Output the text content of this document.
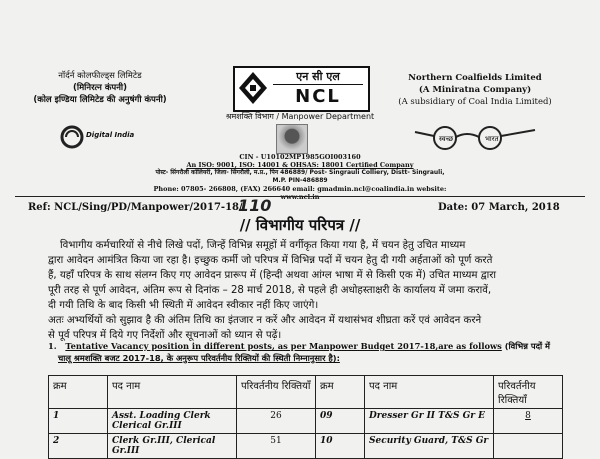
नॉर्दर्न कोलफील्ड्स लिमिटेड
(मिनिरत्न कंपनी)
(कोल इण्डिया लिमिटेड की अनुषंगी कंपनी)
एन सी एल
NCL
Northern Coalfields Limited
(A Miniratna Company)
(A subsidiary of Coal India Limited)
श्रमशक्ति विभाग / Manpower Department
Digital India	स्वच्छ	भारत
CIN - U10102MP1985GOI003160
An ISO: 9001, ISO: 14001 & OHSAS: 18001 Certified Company
पोस्ट- सिंगरौली कोलियरी, जिला- सिंगरौली, म.प्र., पिन 486889/ Post- Singrauli Colliery, Distt- Singrauli, M.P. PIN-486889
Phone: 07805- 266808, (FAX) 266640 email: gmadmin.ncl@coalindia.in website: www.ncl.in
Ref: NCL/Sing/PD/Manpower/2017-18/
110	Date: 07 March, 2018
// विभागीय परिपत्र //
विभागीय कर्मचारियों से नीचे लिखे पदों, जिन्हें विभिन्न समूहों में वर्गीकृत किया गया है, में चयन हेतु उचित माध्यम
द्वारा आवेदन आमंत्रित किया जा रहा है। इच्छुक कर्मी जो परिपत्र में विभिन्न पदों में चयन हेतु दी गयी अर्हताओं को पूर्ण करते
हैं, यहाँ परिपत्र के साथ संलग्न किए गए आवेदन प्रारूप में (हिन्दी अथवा आंग्ल भाषा में से किसी एक में) उचित माध्यम द्वारा
पूरी तरह से पूर्ण आवेदन, अंतिम रूप से दिनांक – 28 मार्च 2018, से पहले ही अधोहस्ताक्षरी के कार्यालय में जमा करावें,
दी गयी तिथि के बाद किसी भी स्थिती में आवेदन स्वीकार नहीं किए जाएंगे।
अतः अभ्यर्थियों को सुझाव है की अंतिम तिथि का इंतजार न करें और आवेदन में यथासंभव शीघ्रता करें एवं आवेदन करने
से पूर्व परिपत्र में दिये गए निर्देशों और सूचनाओं को ध्यान से पढ़ें।
1. Tentative Vacancy position in different posts, as per Manpower Budget 2017-18,are as follows (विभिन्न पदों में
चालू श्रमशक्ति बजट 2017-18, के अनुरूप परिवर्तनीय रिक्तियों की स्थिती निम्नानुसार है):
क्रम	पद नाम	परिवर्तनीय रिक्तियाँ	क्रम	पद नाम	परिवर्तनीय रिक्तियाँ
1	Asst. Loading Clerk Clerical Gr.III	26	09	Dresser Gr II T&S Gr E	8
2	Clerk Gr.III, Clerical Gr.III	51	10	Security Guard, T&S Gr	
